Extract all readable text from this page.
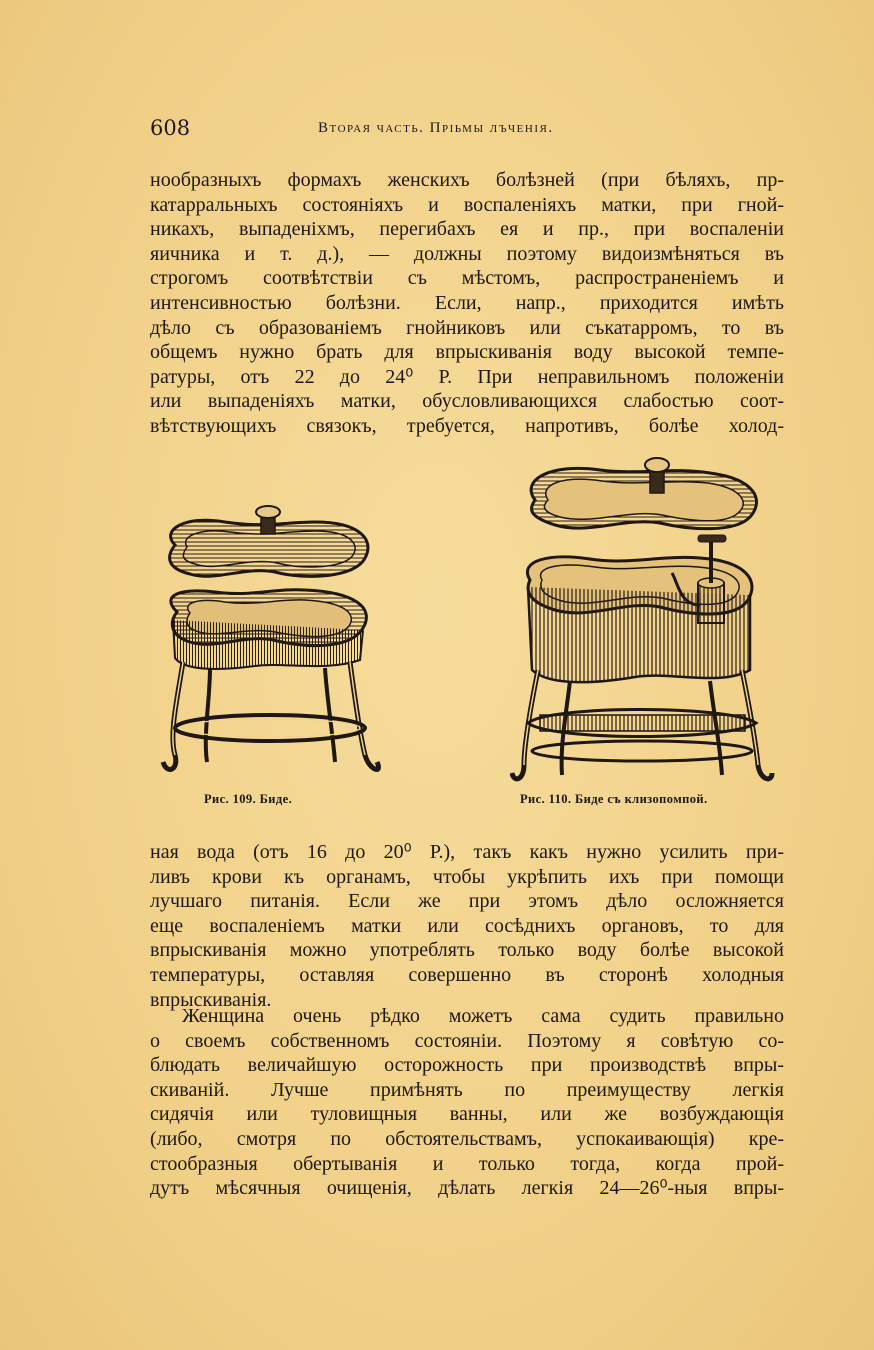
608	Вторая часть. Пріьмы лъченія.
нообразныхъ формахъ женскихъ болѣзней (при бѣляхъ, пр-
катарральныхъ состояніяхъ и воспаленіяхъ матки, при гной-
никахъ, выпаденіхмъ, перегибахъ ея и пр., при воспаленіи
яичника и т. д.), — должны поэтому видоизмѣняться въ
строгомъ соотвѣтствіи съ мѣстомъ, распространеніемъ и
интенсивностью болѣзни. Если, напр., приходится имѣть
дѣло съ образованіемъ гнойниковъ или съкатарромъ, то въ
общемъ нужно брать для впрыскиванія воду высокой темпе-
ратуры, отъ 22 до 24⁰ Р. При неправильномъ положеніи
или выпаденіяхъ матки, обусловливающихся слабостью соот-
вѣтствующихъ связокъ, требуется, напротивъ, болѣе холод-
Рис. 109. Биде.	Рис. 110. Биде съ клизопомпой.
ная вода (отъ 16 до 20⁰ Р.), такъ какъ нужно усилить при-
ливъ крови къ органамъ, чтобы укрѣпить ихъ при помощи
лучшаго питанія. Если же при этомъ дѣло осложняется
еще воспаленіемъ матки или сосѣднихъ органовъ, то для
впрыскиванія можно употреблять только воду болѣе высокой
температуры, оставляя совершенно въ сторонѣ холодныя
впрыскиванія.
Женщина очень рѣдко можетъ сама судить правильно
о своемъ собственномъ состояніи. Поэтому я совѣтую со-
блюдать величайшую осторожность при производствѣ впры-
скиваній. Лучше примѣнять по преимуществу легкія
сидячія или туловищныя ванны, или же возбуждающія
(либо, смотря по обстоятельствамъ, успокаивающія) кре-
стообразныя обертыванія и только тогда, когда прой-
дутъ мѣсячныя очищенія, дѣлать легкія 24—26⁰-ныя впры-
